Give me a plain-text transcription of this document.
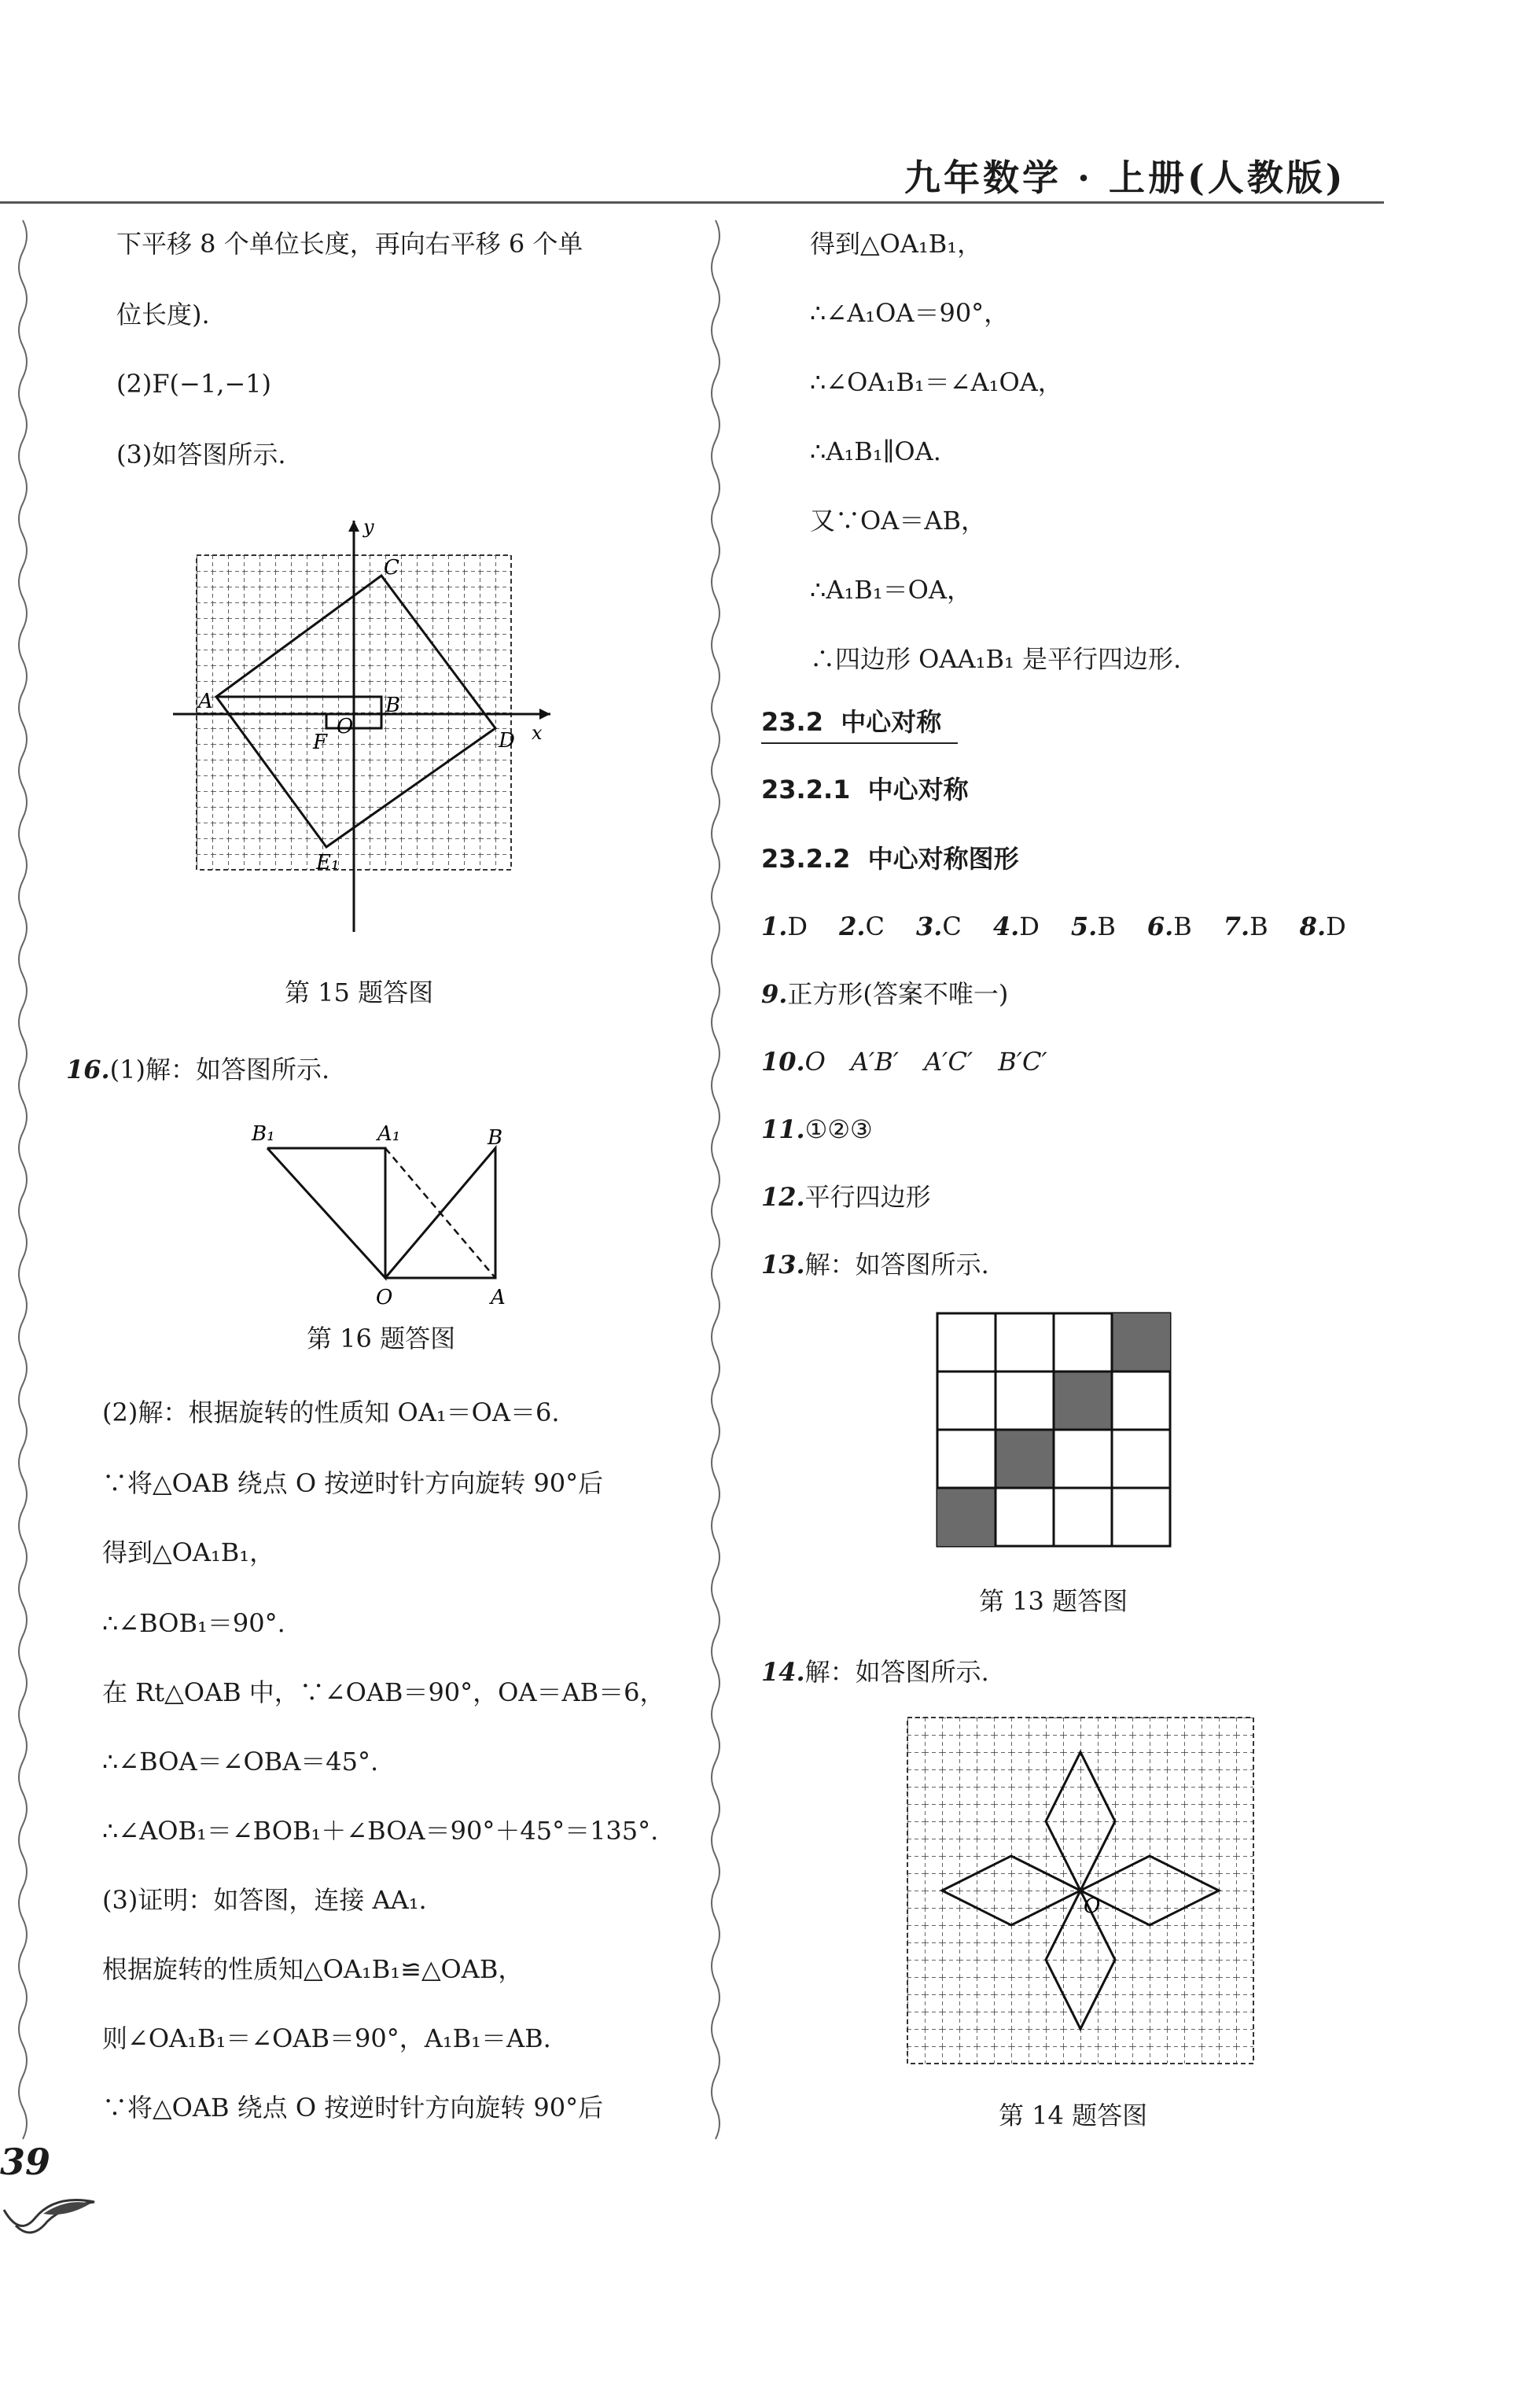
九年数学 · 上册(人教版)
下平移 8 个单位长度，再向右平移 6 个单
位长度).
(2)F(−1,−1)
(3)如答图所示.
y
x
C
A	B
O
F	D
E₁
第 15 题答图
16.(1)解：如答图所示.
B₁	A₁	B
O	A
第 16 题答图
(2)解：根据旋转的性质知 OA₁＝OA＝6.
∵将△OAB 绕点 O 按逆时针方向旋转 90°后
得到△OA₁B₁，
∴∠BOB₁＝90°.
在 Rt△OAB 中，∵∠OAB＝90°，OA＝AB＝6，
∴∠BOA＝∠OBA＝45°.
∴∠AOB₁＝∠BOB₁＋∠BOA＝90°＋45°＝135°.
(3)证明：如答图，连接 AA₁.
根据旋转的性质知△OA₁B₁≌△OAB，
则∠OA₁B₁＝∠OAB＝90°，A₁B₁＝AB.
∵将△OAB 绕点 O 按逆时针方向旋转 90°后
39
得到△OA₁B₁，
∴∠A₁OA＝90°，
∴∠OA₁B₁＝∠A₁OA，
∴A₁B₁∥OA.
又∵OA＝AB，
∴A₁B₁＝OA，
∴四边形 OAA₁B₁ 是平行四边形.
23.2 中心对称
23.2.1 中心对称
23.2.2 中心对称图形
1.D 2.C 3.C 4.D 5.B 6.B 7.B 8.D
9.正方形(答案不唯一)
10.O　A′B′　A′C′　B′C′
11.①②③
12.平行四边形
13.解：如答图所示.
第 13 题答图
14.解：如答图所示.
O
第 14 题答图
